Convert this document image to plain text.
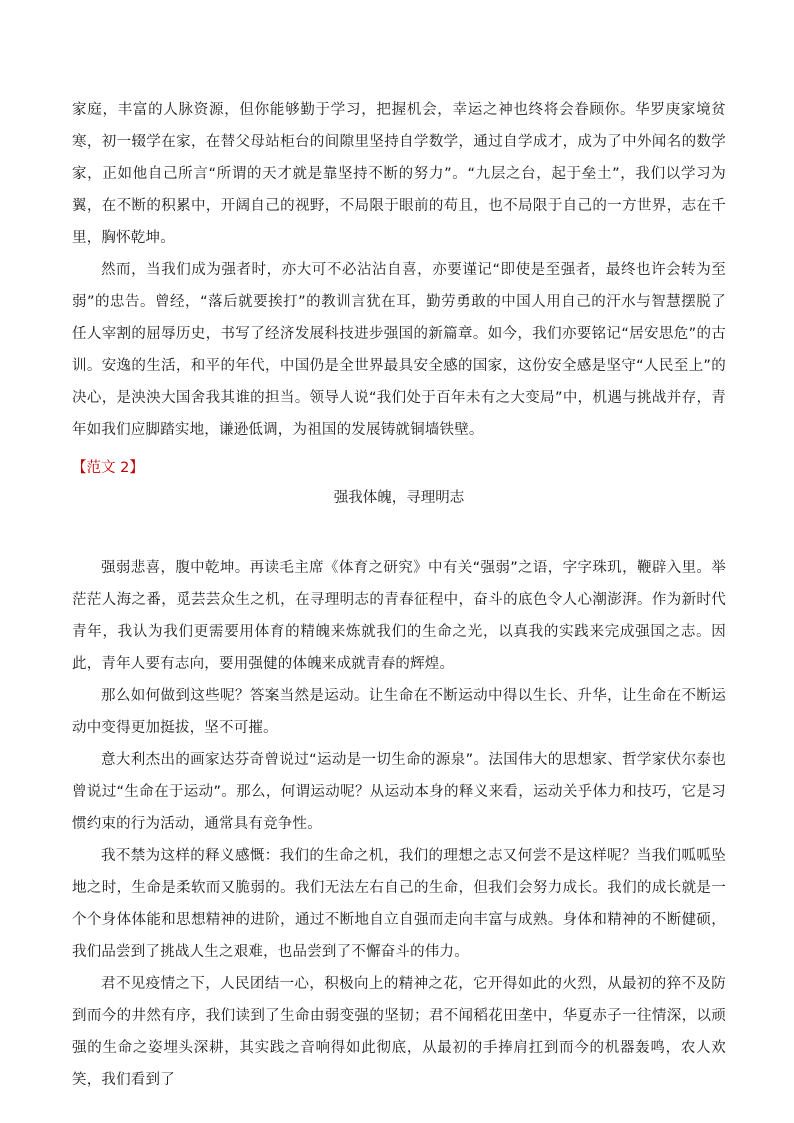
家庭，丰富的人脉资源，但你能够勤于学习，把握机会，幸运之神也终将会眷顾你。华罗庚家境贫寒，初一辍学在家，在替父母站柜台的间隙里坚持自学数学，通过自学成才，成为了中外闻名的数学家，正如他自己所言“所谓的天才就是靠坚持不断的努力”。“九层之台，起于垒土”，我们以学习为翼，在不断的积累中，开阔自己的视野，不局限于眼前的苟且，也不局限于自己的一方世界，志在千里，胸怀乾坤。

然而，当我们成为强者时，亦大可不必沾沾自喜，亦要谨记“即使是至强者，最终也许会转为至弱”的忠告。曾经，“落后就要挨打”的教训言犹在耳，勤劳勇敢的中国人用自己的汗水与智慧摆脱了任人宰割的屈辱历史，书写了经济发展科技进步强国的新篇章。如今，我们亦要铭记“居安思危”的古训。安逸的生活，和平的年代，中国仍是全世界最具安全感的国家，这份安全感是坚守“人民至上”的决心，是泱泱大国舍我其谁的担当。领导人说“我们处于百年未有之大变局”中，机遇与挑战并存，青年如我们应脚踏实地，谦逊低调，为祖国的发展铸就铜墙铁壁。

【范文 2】
强我体魄，寻理明志

强弱悲喜，腹中乾坤。再读毛主席《体育之研究》中有关“强弱”之语，字字珠玑，鞭辟入里。举茫茫人海之番，觅芸芸众生之机，在寻理明志的青春征程中，奋斗的底色令人心潮澎湃。作为新时代青年，我认为我们更需要用体育的精魄来炼就我们的生命之光，以真我的实践来完成强国之志。因此，青年人要有志向，要用强健的体魄来成就青春的辉煌。

那么如何做到这些呢？答案当然是运动。让生命在不断运动中得以生长、升华，让生命在不断运动中变得更加挺拔，坚不可摧。

意大利杰出的画家达芬奇曾说过“运动是一切生命的源泉”。法国伟大的思想家、哲学家伏尔泰也曾说过“生命在于运动”。那么，何谓运动呢？从运动本身的释义来看，运动关乎体力和技巧，它是习惯约束的行为活动，通常具有竞争性。

我不禁为这样的释义感慨：我们的生命之机，我们的理想之志又何尝不是这样呢？当我们呱呱坠地之时，生命是柔软而又脆弱的。我们无法左右自己的生命，但我们会努力成长。我们的成长就是一个个身体体能和思想精神的进阶，通过不断地自立自强而走向丰富与成熟。身体和精神的不断健硕，我们品尝到了挑战人生之艰难，也品尝到了不懈奋斗的伟力。

君不见疫情之下，人民团结一心，积极向上的精神之花，它开得如此的火烈，从最初的猝不及防到而今的井然有序，我们读到了生命由弱变强的坚韧；君不闻稻花田垄中，华夏赤子一往情深，以顽强的生命之姿埋头深耕，其实践之音响得如此彻底，从最初的手捧肩扛到而今的机器轰鸣，农人欢笑，我们看到了
